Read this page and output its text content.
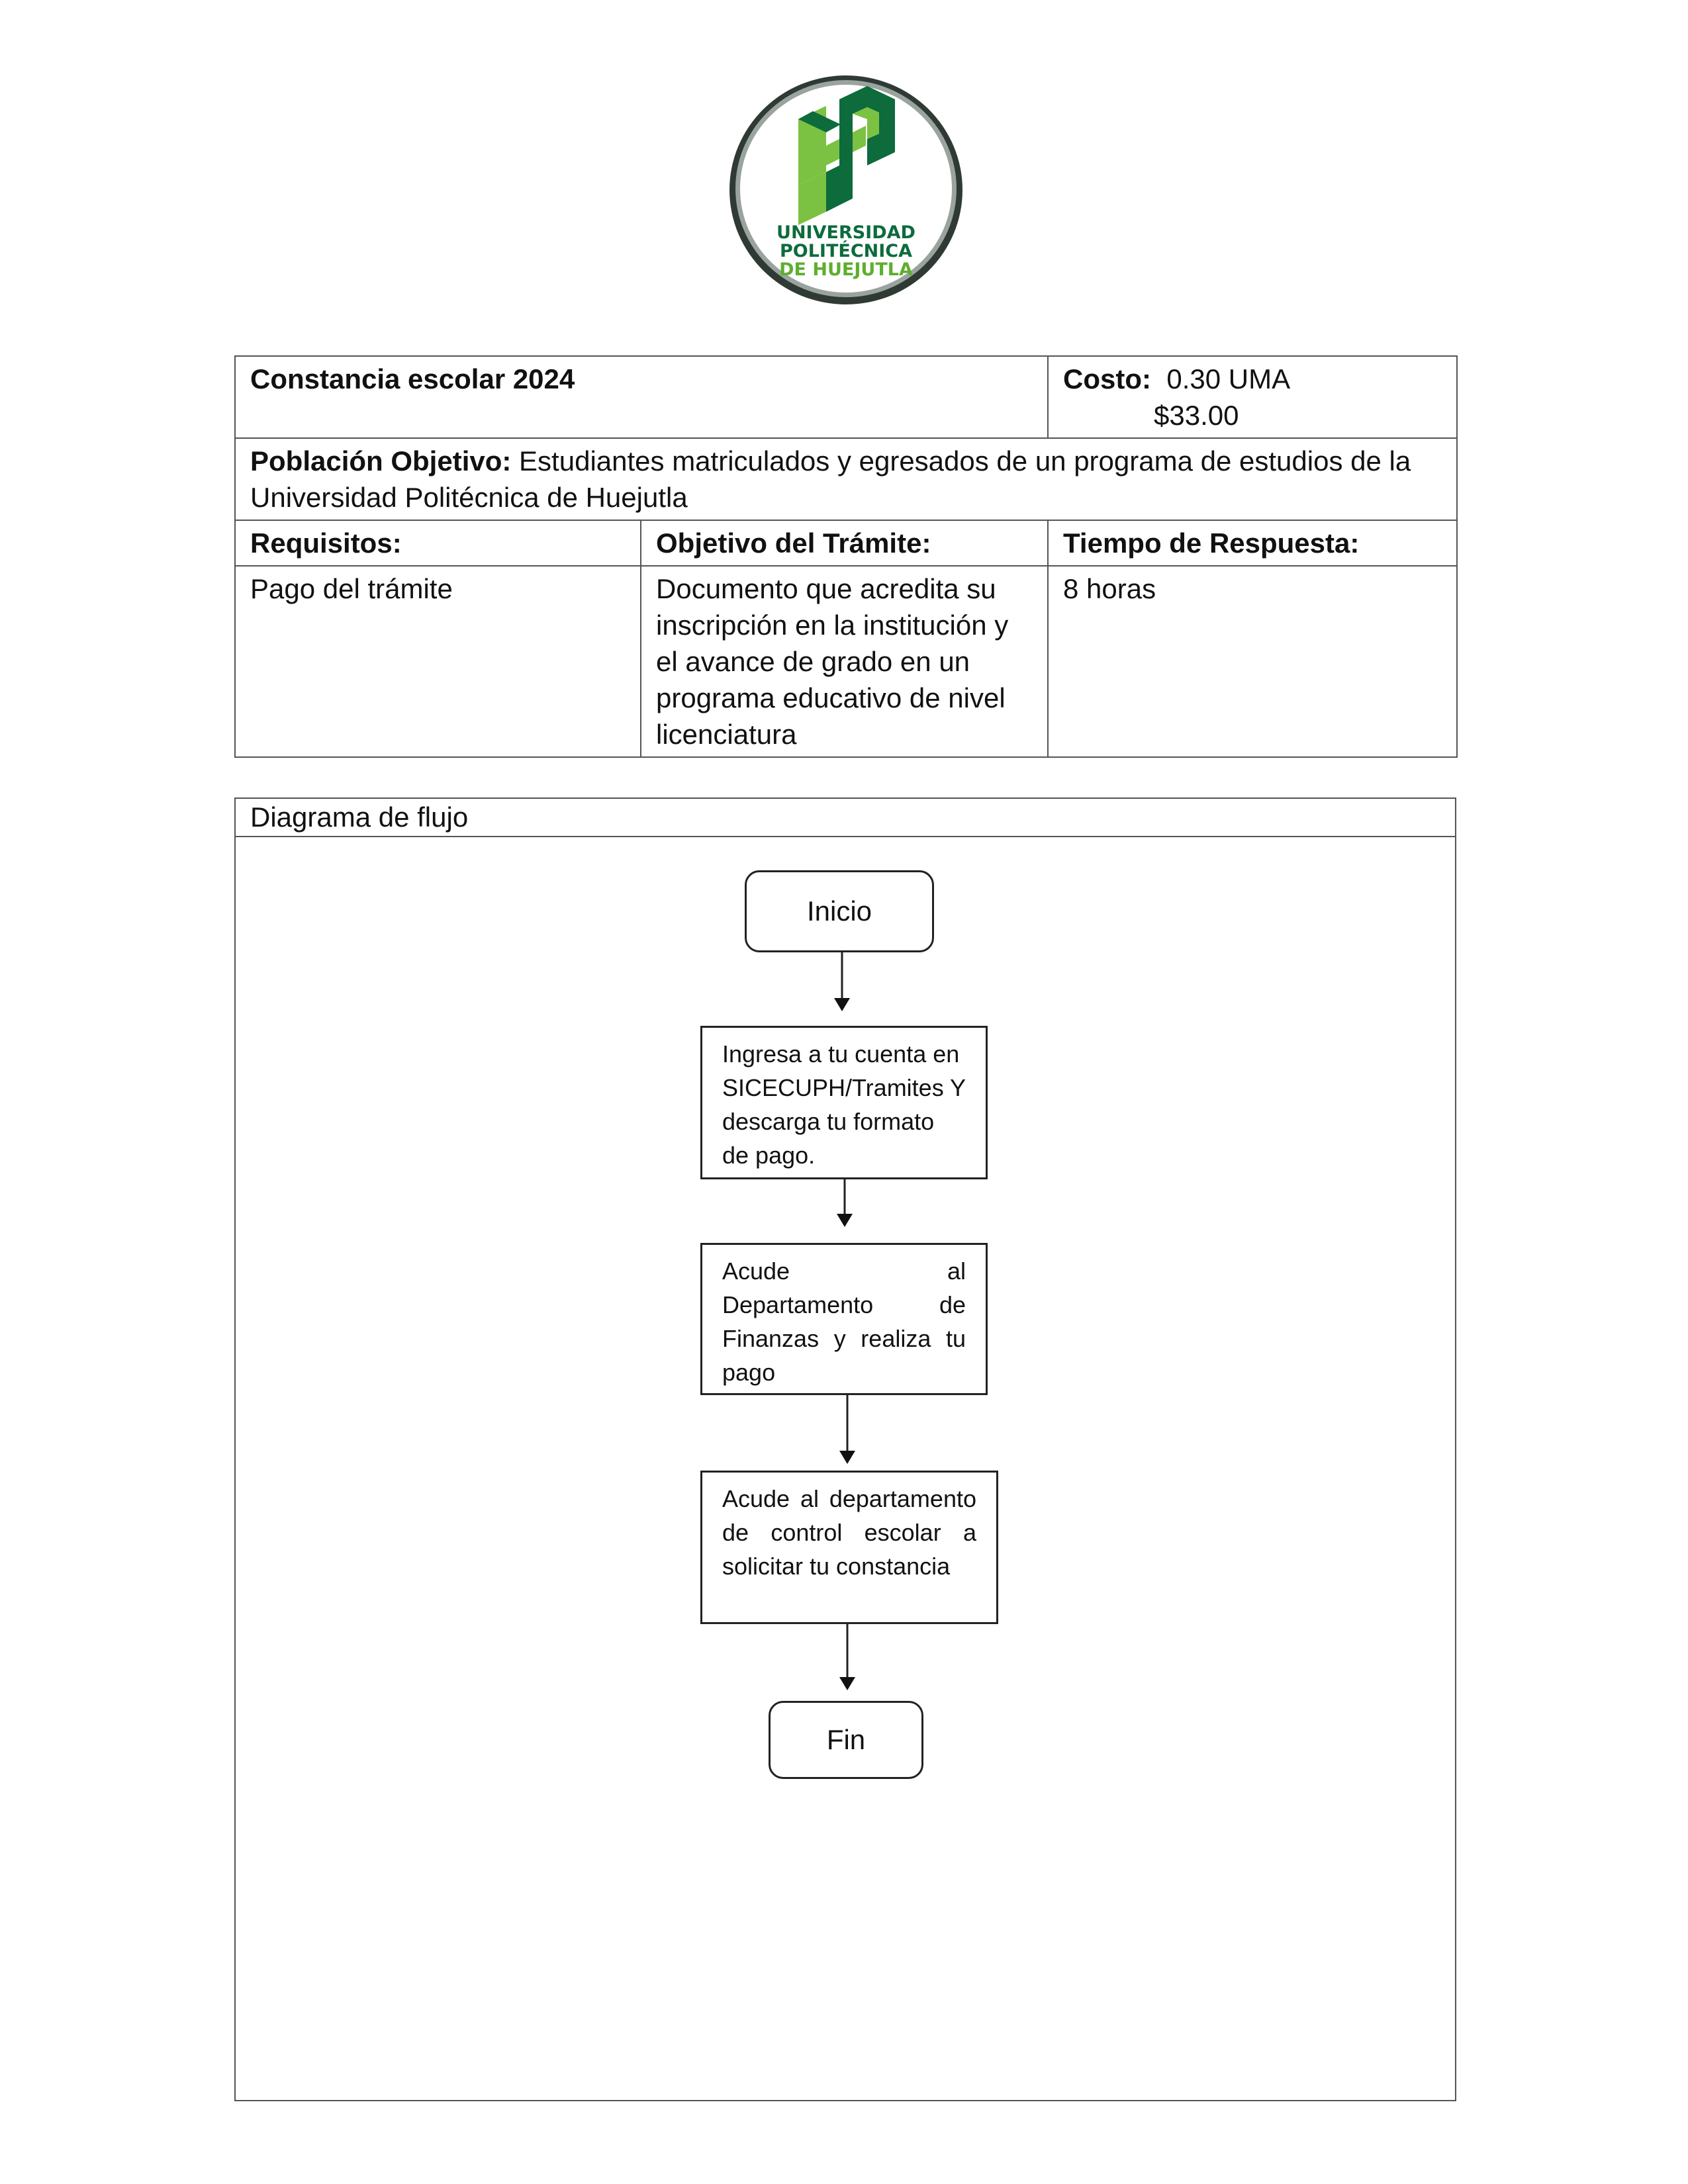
UNIVERSIDAD
POLITÉCNICA
DE HUEJUTLA
Constancia escolar 2024		Costo: 0.30 UMA
$33.00

Población Objetivo: Estudiantes matriculados y egresados de un programa de estudios de la Universidad Politécnica de Huejutla		
Requisitos:	Objetivo del Trámite:	Tiempo de Respuesta:
Pago del trámite	Documento que acredita su inscripción en la institución y el avance de grado en un programa educativo de nivel licenciatura	8 horas
Diagrama de flujo
Inicio
Ingresa a tu cuenta en SICECUPH/Tramites Y descarga tu formato de pago.
Acude al Departamento de Finanzas y realiza tu pago
Acude al departamento de control escolar a solicitar tu constancia
Fin
